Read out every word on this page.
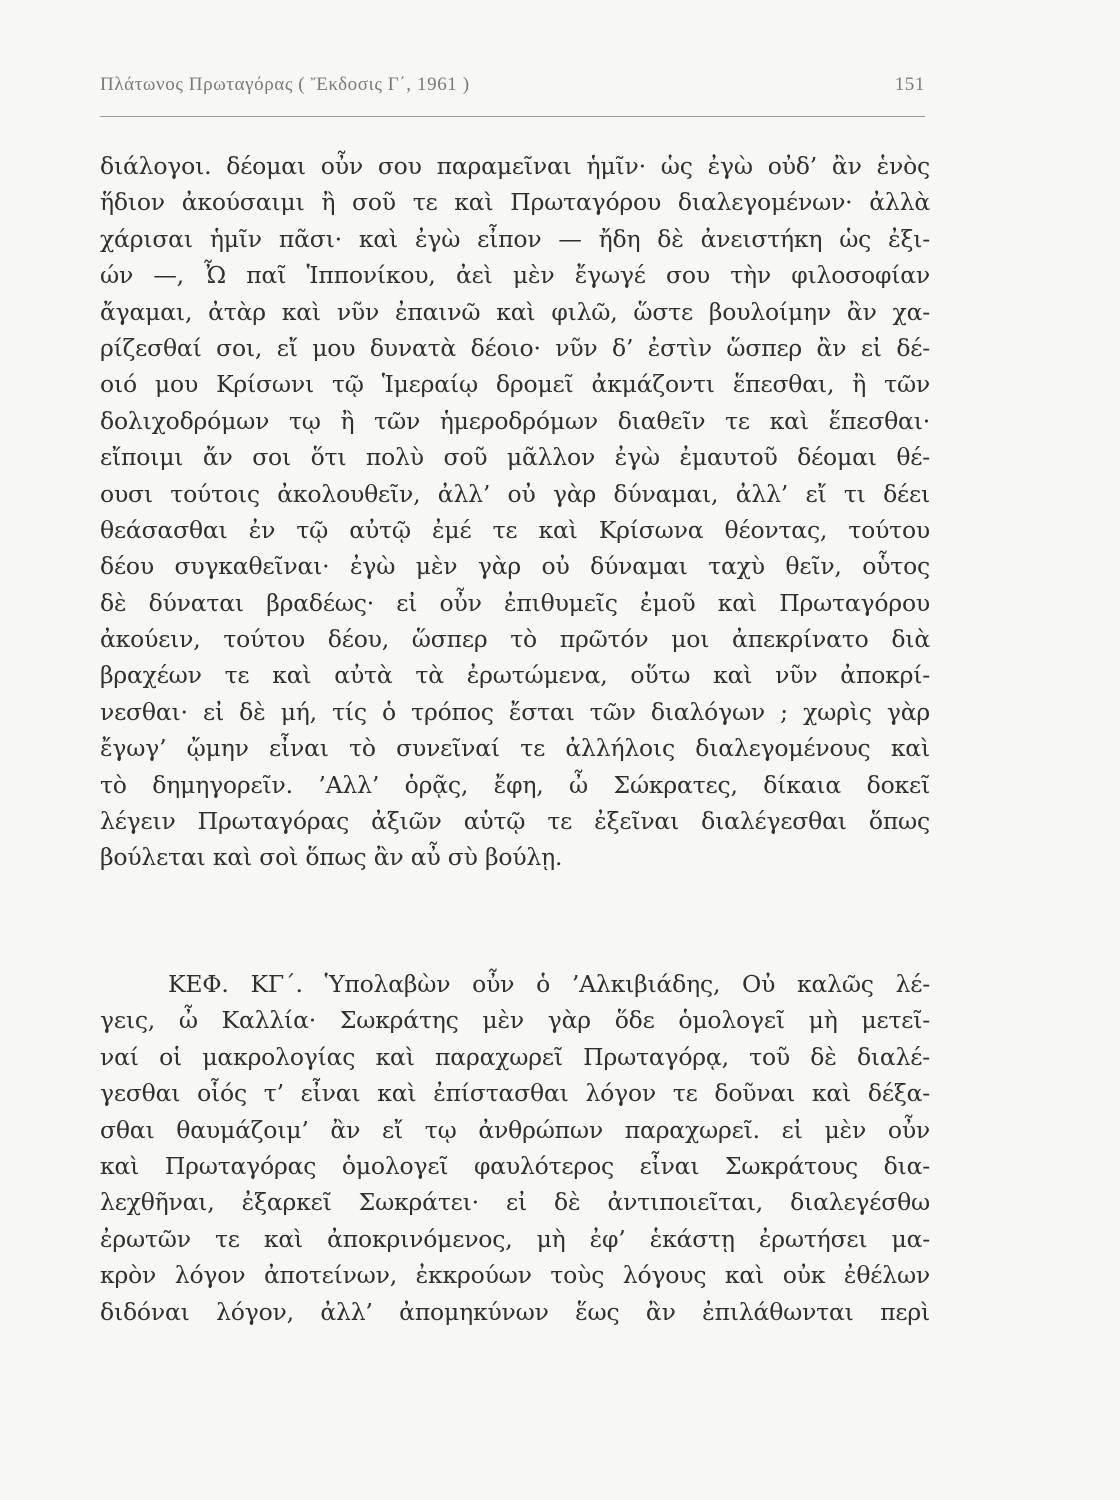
Πλάτωνος Πρωταγόρας ( Ἔκδοσις Γ΄, 1961 )	151
διάλογοι. δέομαι οὖν σου παραμεῖναι ἡμῖν· ὡς ἐγὼ οὐδ’ ἂν ἑνὸς
ἥδιον ἀκούσαιμι ἢ σοῦ τε καὶ Πρωταγόρου διαλεγομένων· ἀλλὰ
χάρισαι ἡμῖν πᾶσι· καὶ ἐγὼ εἶπον — ἤδη δὲ ἀνειστήκη ὡς ἐξι-
ών —, Ὦ παῖ Ἱππονίκου, ἀεὶ μὲν ἔγωγέ σου τὴν φιλοσοφίαν
ἄγαμαι, ἀτὰρ καὶ νῦν ἐπαινῶ καὶ φιλῶ, ὥστε βουλοίμην ἂν χα-
ρίζεσθαί σοι, εἴ μου δυνατὰ δέοιο· νῦν δ’ ἐστὶν ὥσπερ ἂν εἰ δέ-
οιό μου Κρίσωνι τῷ Ἱμεραίῳ δρομεῖ ἀκμάζοντι ἕπεσθαι, ἢ τῶν
δολιχοδρόμων τῳ ἢ τῶν ἡμεροδρόμων διαθεῖν τε καὶ ἕπεσθαι·
εἴποιμι ἄν σοι ὅτι πολὺ σοῦ μᾶλλον ἐγὼ ἐμαυτοῦ δέομαι θέ-
ουσι τούτοις ἀκολουθεῖν, ἀλλ’ οὐ γὰρ δύναμαι, ἀλλ’ εἴ τι δέει
θεάσασθαι ἐν τῷ αὐτῷ ἐμέ τε καὶ Κρίσωνα θέοντας, τούτου
δέου συγκαθεῖναι· ἐγὼ μὲν γὰρ οὐ δύναμαι ταχὺ θεῖν, οὗτος
δὲ δύναται βραδέως· εἰ οὖν ἐπιθυμεῖς ἐμοῦ καὶ Πρωταγόρου
ἀκούειν, τούτου δέου, ὥσπερ τὸ πρῶτόν μοι ἀπεκρίνατο διὰ
βραχέων τε καὶ αὐτὰ τὰ ἐρωτώμενα, οὕτω καὶ νῦν ἀποκρί-
νεσθαι· εἰ δὲ μή, τίς ὁ τρόπος ἔσται τῶν διαλόγων ; χωρὶς γὰρ
ἔγωγ’ ᾤμην εἶναι τὸ συνεῖναί τε ἀλλήλοις διαλεγομένους καὶ
τὸ δημηγορεῖν. ’Αλλ’ ὁρᾷς, ἔφη, ὦ Σώκρατες, δίκαια δοκεῖ
λέγειν Πρωταγόρας ἀξιῶν αὑτῷ τε ἐξεῖναι διαλέγεσθαι ὅπως
βούλεται καὶ σοὶ ὅπως ἂν αὖ σὺ βούλῃ.
ΚΕΦ. ΚΓ΄. Ὑπολαβὼν οὖν ὁ ’Αλκιβιάδης, Οὐ καλῶς λέ-
γεις, ὦ Καλλία· Σωκράτης μὲν γὰρ ὅδε ὁμολογεῖ μὴ μετεῖ-
ναί οἱ μακρολογίας καὶ παραχωρεῖ Πρωταγόρᾳ, τοῦ δὲ διαλέ-
γεσθαι οἷός τ’ εἶναι καὶ ἐπίστασθαι λόγον τε δοῦναι καὶ δέξα-
σθαι θαυμάζοιμ’ ἂν εἴ τῳ ἀνθρώπων παραχωρεῖ. εἰ μὲν οὖν
καὶ Πρωταγόρας ὁμολογεῖ φαυλότερος εἶναι Σωκράτους δια-
λεχθῆναι, ἐξαρκεῖ Σωκράτει· εἰ δὲ ἀντιποιεῖται, διαλεγέσθω
ἐρωτῶν τε καὶ ἀποκρινόμενος, μὴ ἐφ’ ἑκάστῃ ἐρωτήσει μα-
κρὸν λόγον ἀποτείνων, ἐκκρούων τοὺς λόγους καὶ οὐκ ἐθέλων
διδόναι λόγον, ἀλλ’ ἀπομηκύνων ἕως ἂν ἐπιλάθωνται περὶ
